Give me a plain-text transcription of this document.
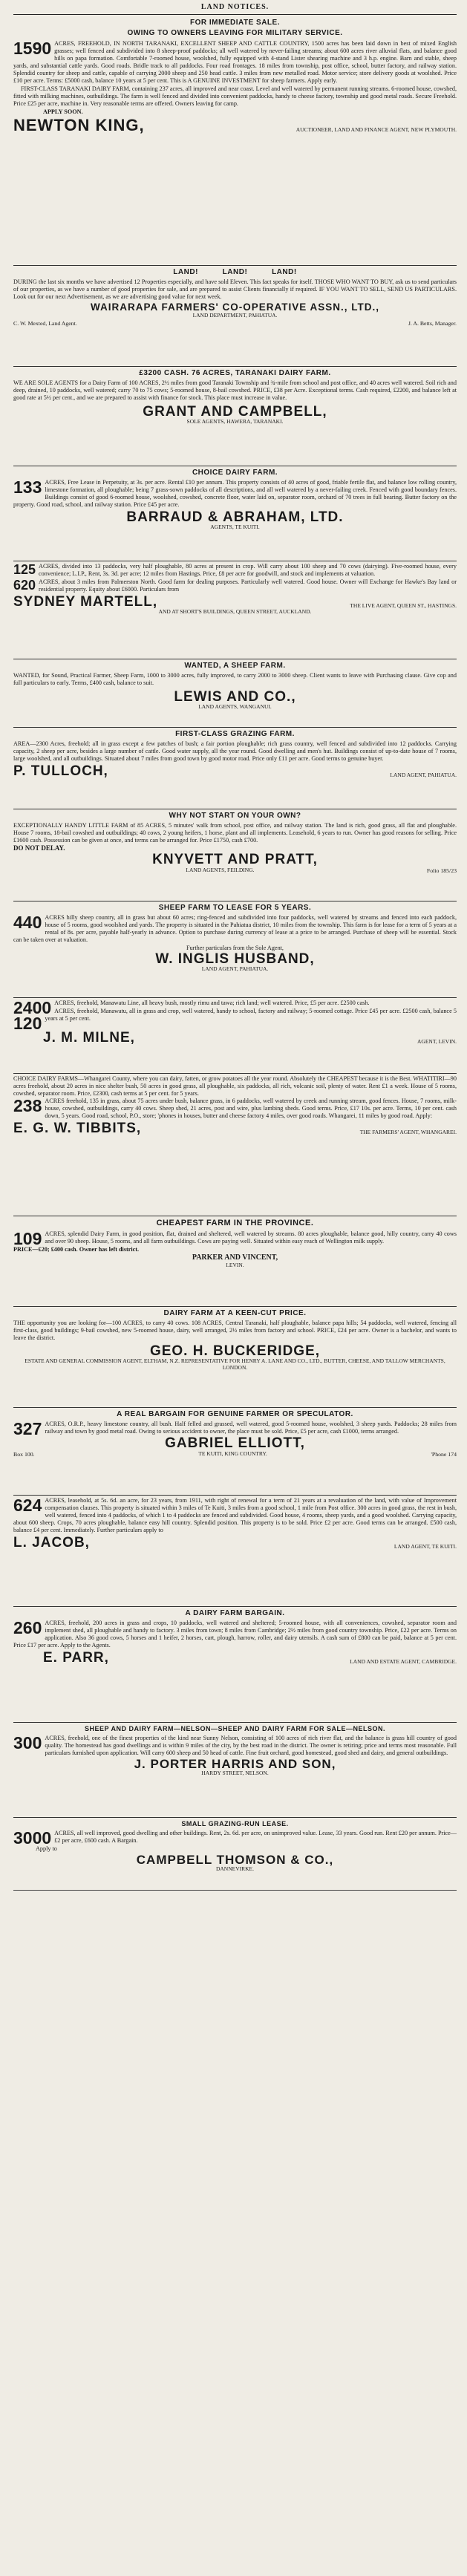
LAND NOTICES.
FOR IMMEDIATE SALE.
OWING TO OWNERS LEAVING FOR MILITARY SERVICE.
1590 ACRES, FREEHOLD, IN NORTH TARANAKI, EXCELLENT SHEEP AND CATTLE COUNTRY, 1500 acres has been laid down in best of mixed English grasses; well fenced and subdivided into 8 sheep-proof paddocks; all well watered by never-failing streams; about 600 acres river alluvial flats, and balance good hills on papa formation. Comfortable 7-roomed house, woolshed, fully equipped with 4-stand Lister shearing machine and 3 h.p. engine. Barn and stable, sheep yards, and substantial cattle yards. Good roads. Bridle track to all paddocks. Four road frontages. 18 miles from township, post office, school, butter factory, and railway station. Splendid country for sheep and cattle, capable of carrying 2000 sheep and 250 head cattle. 3 miles from new metalled road. Motor service; store delivery goods at woolshed. Price £10 per acre. Terms: £5000 cash, balance 10 years at 5 per cent. This is A GENUINE INVESTMENT for sheep farmers. Apply early.

FIRST-CLASS TARANAKI DAIRY FARM, containing 237 acres, all improved and near coast. Level and well watered by permanent running streams. 6-roomed house, cowshed, fitted with milking machines, outbuildings. The farm is well fenced and divided into convenient paddocks, handy to cheese factory, township and good metal roads. Secure Freehold. Price £25 per acre, machine in. Very reasonable terms are offered. Owners leaving for camp.

APPLY SOON.

NEWTON KING,	AUCTIONEER, LAND AND FINANCE AGENT, NEW PLYMOUTH.
LAND!          LAND!          LAND!
DURING the last six months we have advertised 12 Properties especially, and have sold Eleven. This fact speaks for itself. THOSE WHO WANT TO BUY, ask us to send particulars of our properties, as we have a number of good properties for sale, and are prepared to assist Clients financially if required. IF YOU WANT TO SELL, SEND US PARTICULARS. Look out for our next Advertisement, as we are advertising good value for next week.
WAIRARAPA FARMERS' CO-OPERATIVE ASSN., LTD.,
LAND DEPARTMENT, PAHIATUA.
C. W. Mexted, Land Agent.	J. A. Betts, Manager.
£3200 CASH. 76 ACRES, TARANAKI DAIRY FARM.
WE ARE SOLE AGENTS for a Dairy Farm of 100 ACRES, 2½ miles from good Taranaki Township and ¾-mile from school and post office, and 40 acres well watered. Soil rich and deep, drained, 10 paddocks, well watered; carry 70 to 75 cows; 5-roomed house, 8-bail cowshed. PRICE, £38 per Acre. Exceptional terms. Cash required, £2200, and balance left at good rate at 5½ per cent., and we are prepared to assist with finance for stock. This place must increase in value.
GRANT AND CAMPBELL,
SOLE AGENTS, HAWERA, TARANAKI.
CHOICE DAIRY FARM.
133 ACRES, Free Lease in Perpetuity, at 3s. per acre. Rental £10 per annum. This property consists of 40 acres of good, friable fertile flat, and balance low rolling country, limestone formation, all ploughable; being 7 grass-sown paddocks of all descriptions, and all well watered by a never-failing creek. Fenced with good boundary fences. Buildings consist of good 6-roomed house, woolshed, cowshed, concrete floor, water laid on, separator room, orchard of 70 trees in full bearing. Butter factory on the property. Good road, school, and railway station. Price £45 per acre.

BARRAUD & ABRAHAM, LTD.
AGENTS, TE KUITI.
125 ACRES, divided into 13 paddocks, very half ploughable, 80 acres at present in crop. Will carry about 100 sheep and 70 cows (dairying). Five-roomed house, every convenience; L.I.P., Rent, 3s. 3d. per acre; 12 miles from Hastings. Price, £8 per acre for goodwill, and stock and implements at valuation.

620 ACRES, about 3 miles from Palmerston North. Good farm for dealing purposes. Particularly well watered. Good house. Owner will Exchange for Hawke's Bay land or residential property. Equity about £6000. Particulars from

SYDNEY MARTELL,	THE LIVE AGENT, QUEEN ST., HASTINGS.
AND AT SHORT'S BUILDINGS, QUEEN STREET, AUCKLAND.
WANTED, A SHEEP FARM.
WANTED, for Sound, Practical Farmer, Sheep Farm, 1000 to 3000 acres, fully improved, to carry 2000 to 3000 sheep. Client wants to leave with Purchasing clause. Give cop and full particulars to early. Terms, £400 cash, balance to suit.
LEWIS AND CO.,
LAND AGENTS, WANGANUI.
FIRST-CLASS GRAZING FARM.
AREA—2300 Acres, freehold; all in grass except a few patches of bush; a fair portion ploughable; rich grass country, well fenced and subdivided into 12 paddocks. Carrying capacity, 2 sheep per acre, besides a large number of cattle. Good water supply, all the year round. Good dwelling and men's hut. Buildings consist of up-to-date house of 7 rooms, large woolshed, and all outbuildings. Situated about 7 miles from good town by good motor road. Price only £11 per acre. Good terms to genuine buyer.
P. TULLOCH,	LAND AGENT, PAHIATUA.
WHY NOT START ON YOUR OWN?
EXCEPTIONALLY HANDY LITTLE FARM of 85 ACRES, 5 minutes' walk from school, post office, and railway station. The land is rich, good grass, all flat and ploughable. House 7 rooms, 18-bail cowshed and outbuildings; 40 cows, 2 young heifers, 1 horse, plant and all implements. Leasehold, 6 years to run. Owner has good reasons for selling. Price £1600 cash. Possession can be given at once, and terms can be arranged for. Price £1750, cash £700.
DO NOT DELAY.
KNYVETT AND PRATT,
LAND AGENTS, FEILDING.	Folio 185/23
SHEEP FARM TO LEASE FOR 5 YEARS.
440 ACRES hilly sheep country, all in grass but about 60 acres; ring-fenced and subdivided into four paddocks, well watered by streams and fenced into each paddock, house of 5 rooms, good woolshed and yards. The property is situated in the Pahiatua district, 10 miles from the township. This farm is for lease for a term of 5 years at a rental of 8s. per acre, payable half-yearly in advance. Option to purchase during currency of lease at a price to be arranged. Purchase of sheep will be essential. Stock can be taken over at valuation.

Further particulars from the Sole Agent,
W. INGLIS HUSBAND,
LAND AGENT, PAHIATUA.
2400 ACRES, freehold, Manawatu Line, all heavy bush, mostly rimu and tawa; rich land; well watered. Price, £5 per acre. £2500 cash.

120

ACRES, freehold, Manawatu, all in grass and crop, well watered, handy to school, factory and railway; 5-roomed cottage. Price £45 per acre. £2500 cash, balance 5 years at 5 per cent.

J. M. MILNE,	AGENT, LEVIN.
CHOICE DAIRY FARMS—Whangarei County, where you can dairy, fatten, or grow potatoes all the year round. Absolutely the CHEAPEST because it is the Best. WHATITIRI—90 acres freehold, about 20 acres in nice shelter bush, 50 acres in good grass, all ploughable, six paddocks, all rich, volcanic soil, plenty of water. Rent £1 a week. House of 5 rooms, cowshed, separator room. Price, £2300, cash terms at 5 per cent. for 5 years.
238 ACRES freehold, 135 in grass, about 75 acres under bush, balance grass, in 6 paddocks, well watered by creek and running stream, good fences. House, 7 rooms, milk-house, cowshed, outbuildings, carry 40 cows. Sheep shed, 21 acres, post and wire, plus lambing sheds. Good terms. Price, £17 10s. per acre. Terms, 10 per cent. cash down, 5 years. Good road, school, P.O., store; 'phones in houses, butter and cheese factory 4 miles, over good roads. Whangarei, 11 miles by good road. Apply:

E. G. W. TIBBITS,	THE FARMERS' AGENT, WHANGAREI.
CHEAPEST FARM IN THE PROVINCE.
109 ACRES, splendid Dairy Farm, in good position, flat, drained and sheltered, well watered by streams. 80 acres ploughable, balance good, hilly country, carry 40 cows and over 90 sheep. House, 5 rooms, and all farm outbuildings. Cows are paying well. Situated within easy reach of Wellington milk supply.

PRICE—£20; £400 cash. Owner has left district.
PARKER AND VINCENT,
LEVIN.
DAIRY FARM AT A KEEN-CUT PRICE.
THE opportunity you are looking for—100 ACRES, to carry 40 cows. 108 ACRES, Central Taranaki, half ploughable, balance papa hills; 54 paddocks, well watered, fencing all first-class, good buildings; 9-bail cowshed, new 5-roomed house, dairy, well arranged, 2½ miles from factory and school. PRICE, £24 per acre. Owner is a bachelor, and wants to leave the district.
GEO. H. BUCKERIDGE,
ESTATE AND GENERAL COMMISSION AGENT, ELTHAM, N.Z. REPRESENTATIVE FOR HENRY A. LANE AND CO., LTD., BUTTER, CHEESE, AND TALLOW MERCHANTS, LONDON.
A REAL BARGAIN FOR GENUINE FARMER OR SPECULATOR.
327 ACRES, O.R.P., heavy limestone country, all bush. Half felled and grassed, well watered, good 5-roomed house, woolshed, 3 sheep yards. Paddocks; 28 miles from railway and town by good metal road. Owing to serious accident to owner, the place must be sold. Price, £5 per acre, cash £1000, terms arranged.

GABRIEL ELLIOTT,
Box 100.	TE KUITI, KING COUNTRY.	'Phone 174
624 ACRES, leasehold, at 5s. 6d. an acre, for 23 years, from 1911, with right of renewal for a term of 21 years at a revaluation of the land, with value of Improvement compensation clauses. This property is situated within 3 miles of Te Kuiti, 3 miles from a good school, 1 mile from Post office. 300 acres in good grass, the rest in bush, well watered, fenced into 4 paddocks, of which 1 to 4 paddocks are fenced and subdivided. Good house, 4 rooms, sheep yards, and a good woolshed. Carrying capacity, about 600 sheep. Crops, 70 acres ploughable, balance easy hill country. Splendid position. This property is to be sold. Price £2 per acre. Good terms can be arranged. £500 cash, balance £4 per cent. Immediately. Further particulars apply to

L. JACOB,	LAND AGENT, TE KUITI.
A DAIRY FARM BARGAIN.
260 ACRES, freehold, 200 acres in grass and crops, 10 paddocks, well watered and sheltered; 5-roomed house, with all conveniences, cowshed, separator room and implement shed, all ploughable and handy to factory. 3 miles from town; 8 miles from Cambridge; 2½ miles from good country township. Price, £22 per acre. Terms on application. Also 36 good cows, 5 horses and 1 heifer, 2 horses, cart, plough, harrow, roller, and dairy utensils. A cash sum of £800 can be paid, balance at 5 per cent. Price £17 per acre. Apply to the Agents.

E. PARR,	LAND AND ESTATE AGENT, CAMBRIDGE.
SHEEP AND DAIRY FARM—NELSON—SHEEP AND DAIRY FARM FOR SALE—NELSON.
300 ACRES, freehold, one of the finest properties of the kind near Sunny Nelson, consisting of 100 acres of rich river flat, and the balance is grass hill country of good quality. The homestead has good dwellings and is within 9 miles of the city, by the best road in the district. The owner is retiring; price and terms most reasonable. Full particulars furnished upon application. Will carry 600 sheep and 50 head of cattle. Fine fruit orchard, good homestead, good shed and dairy, and general outbuildings.

J. PORTER HARRIS AND SON,
HARDY STREET, NELSON.
SMALL GRAZING-RUN LEASE.
3000 ACRES, all well improved, good dwelling and other buildings. Rent, 2s. 6d. per acre, on unimproved value. Lease, 33 years. Good run. Rent £20 per annum. Price—£2 per acre, £600 cash. A Bargain.

Apply to

CAMPBELL THOMSON & CO.,
DANNEVIRKE.
